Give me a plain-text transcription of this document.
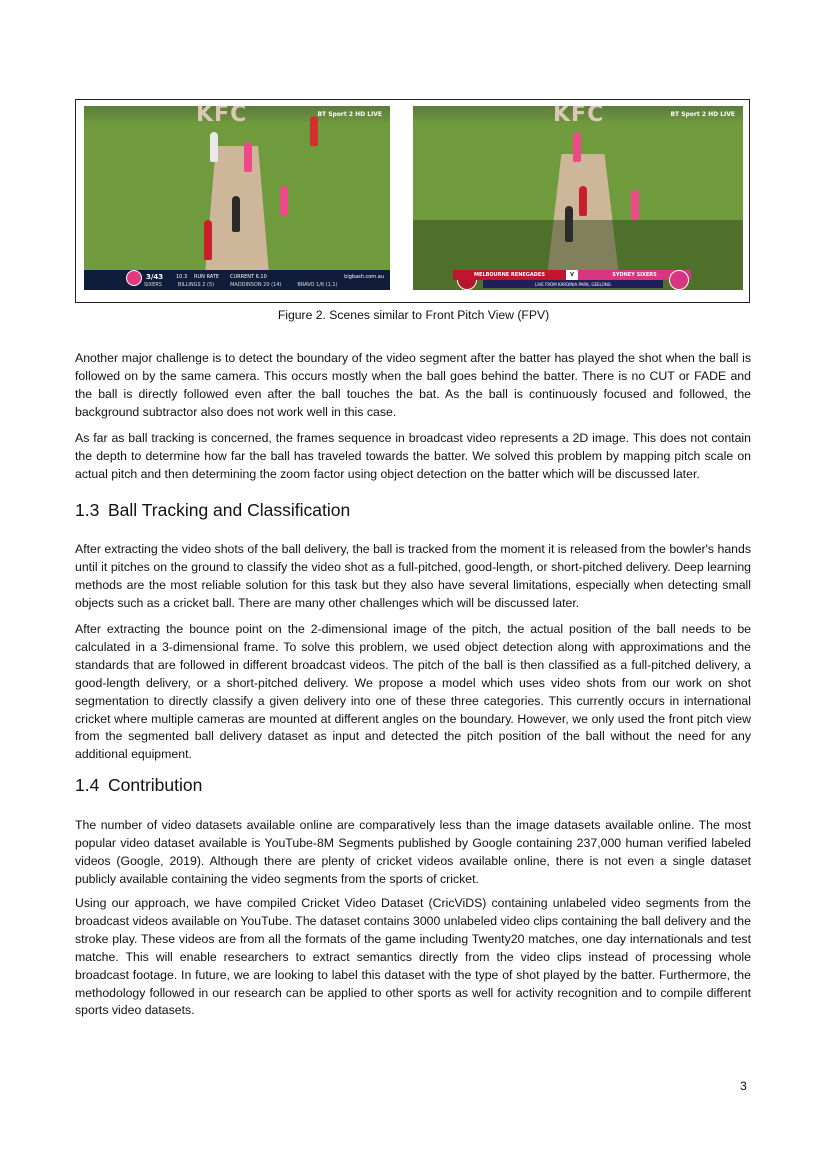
KFC	BT Sport 2 HD LIVE
3/43	10.3 RUN RATE CURRENT 6.10	bigbash.com.au
SIXERS	BILLINGS 2 (5)	MADDINSON 20 (14)	BRAVO 1/6 (1.1)
KFC	BT Sport 2 HD LIVE
MELBOURNE RENEGADES	V	SYDNEY SIXERS
LIVE FROM KARDINIA PARK, GEELONG
Figure 2. Scenes similar to Front Pitch View (FPV)

Another major challenge is to detect the boundary of the video segment after the batter has played the shot when the ball is followed on by the same camera. This occurs mostly when the ball goes behind the batter. There is no CUT or FADE and the ball is directly followed even after the ball touches the bat. As the ball is continuously focused and followed, the background subtractor also does not work well in this case.

As far as ball tracking is concerned, the frames sequence in broadcast video represents a 2D image. This does not contain the depth to determine how far the ball has traveled towards the batter. We solved this problem by mapping pitch scale on actual pitch and then determining the zoom factor using object detection on the batter which will be discussed later.

1.3 Ball Tracking and Classification

After extracting the video shots of the ball delivery, the ball is tracked from the moment it is released from the bowler's hands until it pitches on the ground to classify the video shot as a full-pitched, good-length, or short-pitched delivery. Deep learning methods are the most reliable solution for this task but they also have several limitations, especially when detecting small objects such as a cricket ball. There are many other challenges which will be discussed later.

After extracting the bounce point on the 2-dimensional image of the pitch, the actual position of the ball needs to be calculated in a 3-dimensional frame. To solve this problem, we used object detection along with approximations and the standards that are followed in different broadcast videos. The pitch of the ball is then classified as a full-pitched delivery, a good-length delivery, or a short-pitched delivery. We propose a model which uses video shots from our work on shot segmentation to directly classify a given delivery into one of these three categories. This currently occurs in international cricket where multiple cameras are mounted at different angles on the boundary. However, we only used the front pitch view from the segmented ball delivery dataset as input and detected the pitch position of the ball without the need for any additional equipment.

1.4 Contribution

The number of video datasets available online are comparatively less than the image datasets available online. The most popular video dataset available is YouTube-8M Segments published by Google containing 237,000 human verified labeled videos (Google, 2019). Although there are plenty of cricket videos available online, there is not even a single dataset publicly available containing the video segments from the sports of cricket.

Using our approach, we have compiled Cricket Video Dataset (CricViDS) containing unlabeled video segments from the broadcast videos available on YouTube. The dataset contains 3000 unlabeled video clips containing the ball delivery and the stroke play. These videos are from all the formats of the game including Twenty20 matches, one day internationals and test matche. This will enable researchers to extract semantics directly from the video clips instead of processing whole broadcast footage. In future, we are looking to label this dataset with the type of shot played by the batter. Furthermore, the methodology followed in our research can be applied to other sports as well for activity recognition and to compile different sports video datasets.

3
